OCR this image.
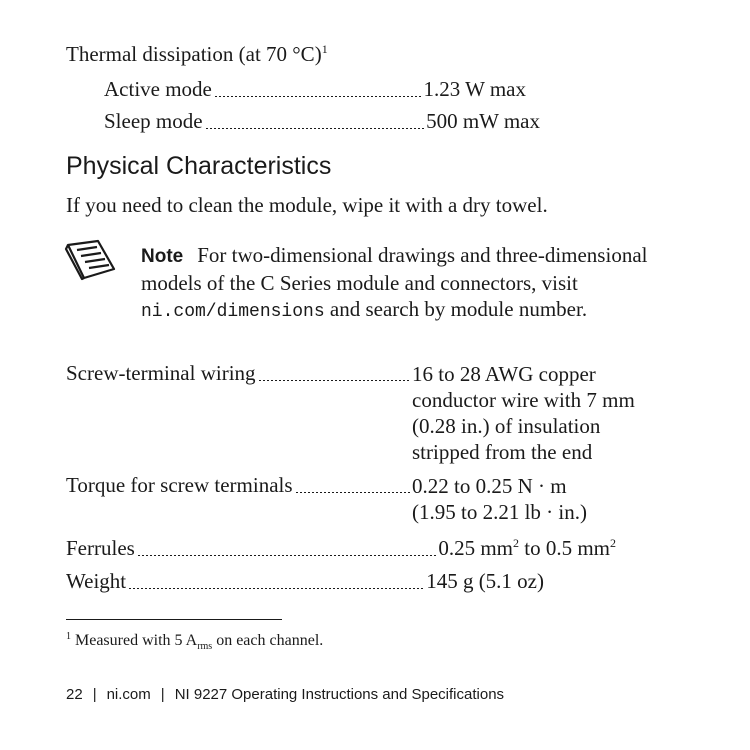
Thermal dissipation (at 70 °C)$^1$
Active mode	1.23 W max
Sleep mode	500 mW max
Physical Characteristics
If you need to clean the module, wipe it with a dry towel.
Note For two-dimensional drawings and three-dimensional models of the C Series module and connectors, visit ni.com/dimensions and search by module number.
Screw-terminal wiring	16 to 28 AWG copper
conductor wire with 7 mm
(0.28 in.) of insulation
stripped from the end
Torque for screw terminals	0.22 to 0.25 N · m
(1.95 to 2.21 lb · in.)
Ferrules	0.25 $mm^2$ to 0.5 $mm^2$
Weight	145 g (5.1 oz)
$^1$ Measured with 5 $A_{rms}$ on each channel.
22 | ni.com | NI 9227 Operating Instructions and Specifications
